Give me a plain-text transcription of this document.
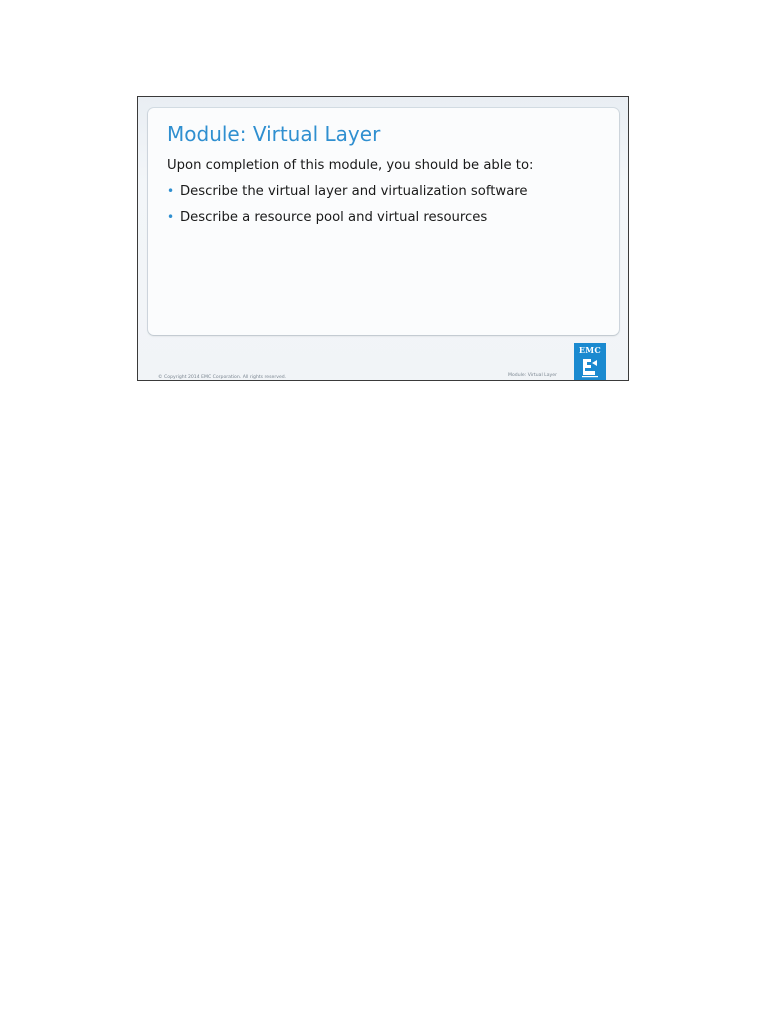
Module: Virtual Layer

Upon completion of this module, you should be able to:

• Describe the virtual layer and virtualization software
• Describe a resource pool and virtual resources
© Copyright 2014 EMC Corporation. All rights reserved.	Module: Virtual Layer
EMC
